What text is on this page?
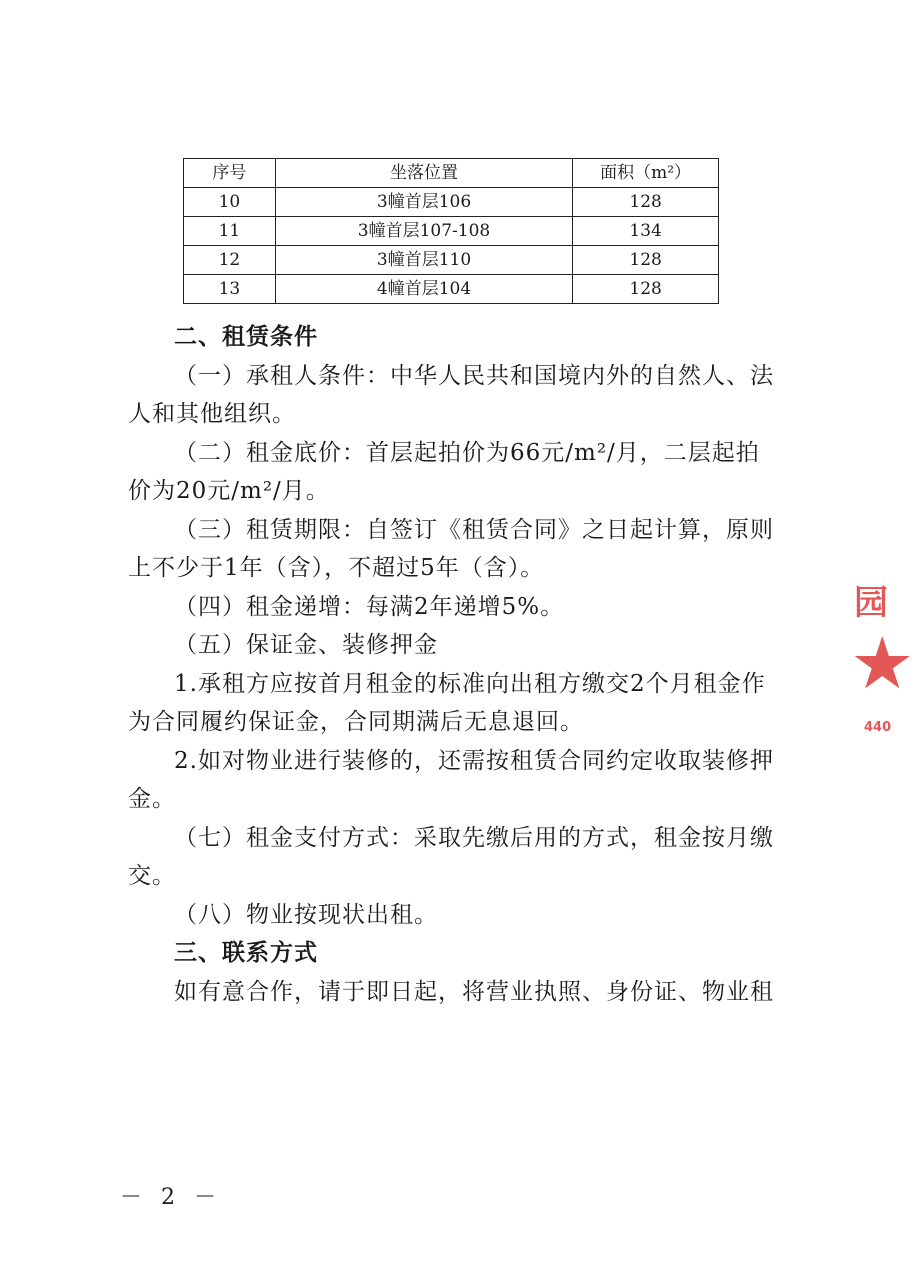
序号	坐落位置	面积（m²）
10	3幢首层106	128
11	3幢首层107-108	134
12	3幢首层110	128
13	4幢首层104	128

二、租赁条件

（一）承租人条件：中华人民共和国境内外的自然人、法人和其他组织。

（二）租金底价：首层起拍价为66元/m²/月，二层起拍价为20元/m²/月。

（三）租赁期限：自签订《租赁合同》之日起计算，原则上不少于1年（含），不超过5年（含）。

（四）租金递增：每满2年递增5%。

（五）保证金、装修押金

1.承租方应按首月租金的标准向出租方缴交2个月租金作为合同履约保证金，合同期满后无息退回。

2.如对物业进行装修的，还需按租赁合同约定收取装修押金。

（七）租金支付方式：采取先缴后用的方式，租金按月缴交。

（八）物业按现状出租。

三、联系方式

如有意合作，请于即日起，将营业执照、身份证、物业租

－ 2 －
园
★
440
